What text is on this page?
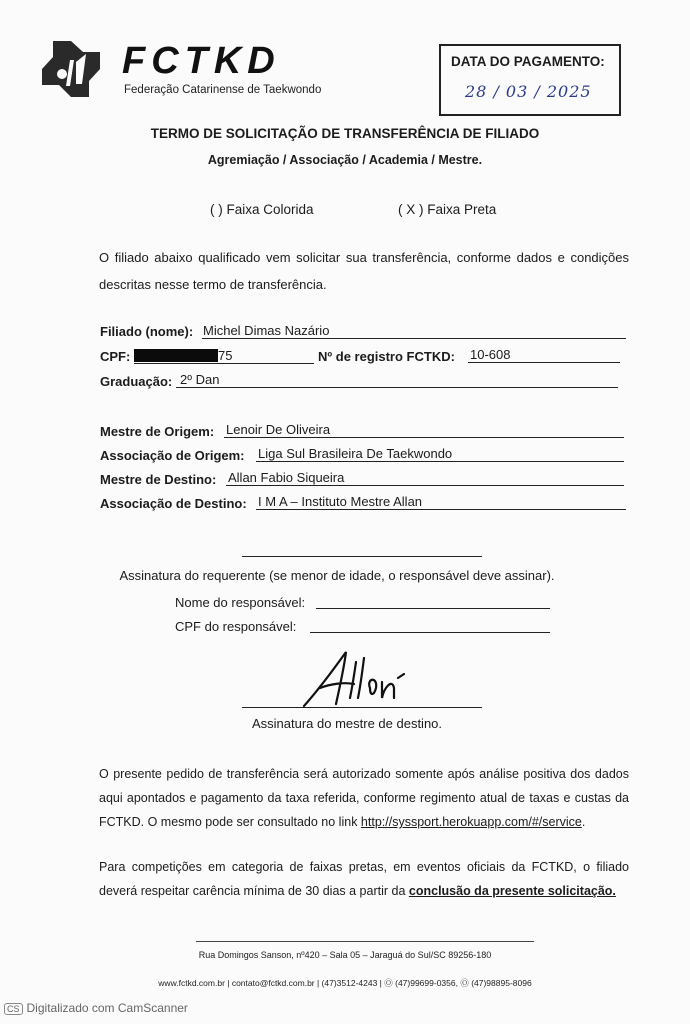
FCTKD
Federação Catarinense de Taekwondo
DATA DO PAGAMENTO:
28 / 03 / 2025
TERMO DE SOLICITAÇÃO DE TRANSFERÊNCIA DE FILIADO
Agremiação / Associação / Academia / Mestre.
( ) Faixa Colorida	( X ) Faixa Preta
O filiado abaixo qualificado vem solicitar sua transferência, conforme dados e condições descritas nesse termo de transferência.
Filiado (nome): Michel Dimas Nazário
CPF:	75	Nº de registro FCTKD: 10-608
Graduação: 2º Dan
Mestre de Origem: Lenoir De Oliveira
Associação de Origem: Liga Sul Brasileira De Taekwondo
Mestre de Destino: Allan Fabio Siqueira
Associação de Destino: I M A – Instituto Mestre Allan
Assinatura do requerente (se menor de idade, o responsável deve assinar).
Nome do responsável:
CPF do responsável:
Assinatura do mestre de destino.
O presente pedido de transferência será autorizado somente após análise positiva dos dados aqui apontados e pagamento da taxa referida, conforme regimento atual de taxas e custas da FCTKD. O mesmo pode ser consultado no link http://syssport.herokuapp.com/#/service.
Para competições em categoria de faixas pretas, em eventos oficiais da FCTKD, o filiado deverá respeitar carência mínima de 30 dias a partir da conclusão da presente solicitação.
Rua Domingos Sanson, nº420 – Sala 05 – Jaraguá do Sul/SC 89256-180
www.fctkd.com.br | contato@fctkd.com.br | (47)3512-4243 | Ⓞ (47)99699-0356, Ⓞ (47)98895-8096
CS Digitalizado com CamScanner
